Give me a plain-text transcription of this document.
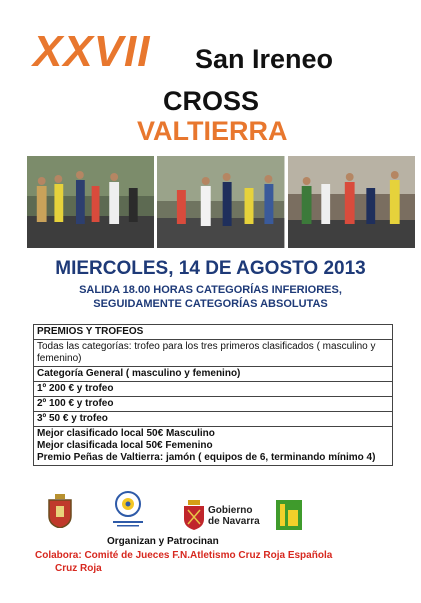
XXVII San Ireneo
CROSS
VALTIERRA
MIERCOLES, 14 DE AGOSTO 2013
SALIDA 18.00 HORAS CATEGORÍAS INFERIORES,
SEGUIDAMENTE CATEGORÍAS ABSOLUTAS
PREMIOS Y TROFEOS
Todas las categorías: trofeo para los tres primeros clasificados ( masculino y femenino)
Categoría General ( masculino y femenino)
1º 200 € y trofeo
2º 100 € y trofeo
3º 50 € y trofeo

Mejor clasificado local 50€ Masculino
Mejor clasificada local 50€ Femenino
Premio Peñas de Valtierra: jamón ( equipos de 6, terminando mínimo 4)
Gobierno
de Navarra
Organizan y Patrocinan
Colabora: Comité de Jueces F.N.Atletismo Cruz Roja Española
Cruz Roja
